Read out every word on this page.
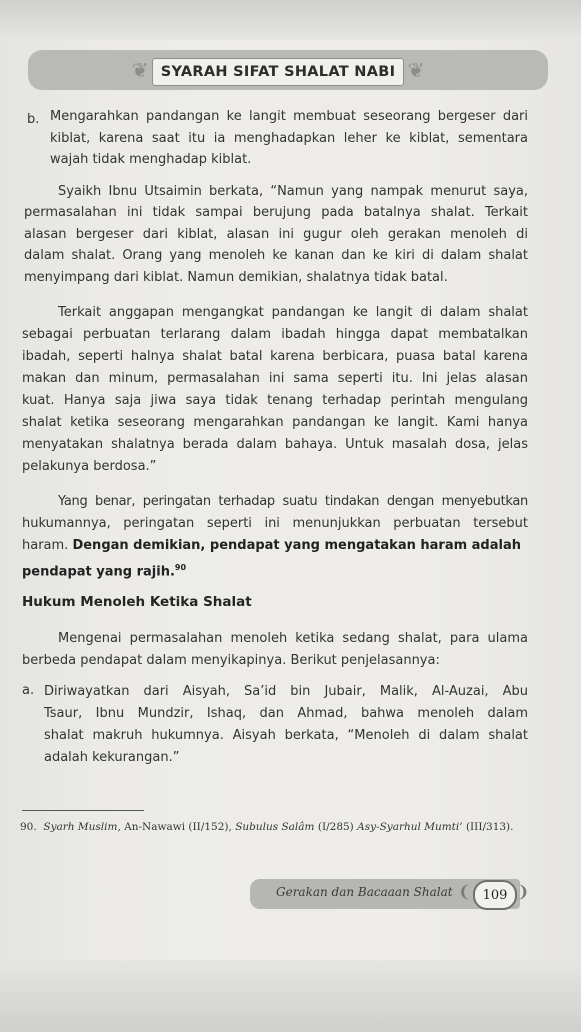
❦	❦
SYARAH SIFAT SHALAT NABI
b. Mengarahkan pandangan ke langit membuat seseorang bergeser dari

kiblat, karena saat itu ia menghadapkan leher ke kiblat, sementara

wajah tidak menghadap kiblat.

Syaikh Ibnu Utsaimin berkata, “Namun yang nampak menurut saya,

permasalahan ini tidak sampai berujung pada batalnya shalat. Terkait

alasan bergeser dari kiblat, alasan ini gugur oleh gerakan menoleh di

dalam shalat. Orang yang menoleh ke kanan dan ke kiri di dalam shalat

menyimpang dari kiblat. Namun demikian, shalatnya tidak batal.

Terkait anggapan mengangkat pandangan ke langit di dalam shalat

sebagai perbuatan terlarang dalam ibadah hingga dapat membatalkan

ibadah, seperti halnya shalat batal karena berbicara, puasa batal karena

makan dan minum, permasalahan ini sama seperti itu. Ini jelas alasan

kuat. Hanya saja jiwa saya tidak tenang terhadap perintah mengulang

shalat ketika seseorang mengarahkan pandangan ke langit. Kami hanya

menyatakan shalatnya berada dalam bahaya. Untuk masalah dosa, jelas

pelakunya berdosa.”

Yang benar, peringatan terhadap suatu tindakan dengan menyebutkan

hukumannya, peringatan seperti ini menunjukkan perbuatan tersebut

haram. Dengan demikian, pendapat yang mengatakan haram adalah

pendapat yang rajih.$^{90}$

Hukum Menoleh Ketika Shalat

Mengenai permasalahan menoleh ketika sedang shalat, para ulama

berbeda pendapat dalam menyikapinya. Berikut penjelasannya:

a. Diriwayatkan dari Aisyah, Sa’id bin Jubair, Malik, Al-Auzai, Abu

Tsaur, Ibnu Mundzir, Ishaq, dan Ahmad, bahwa menoleh dalam

shalat makruh hukumnya. Aisyah berkata, “Menoleh di dalam shalat

adalah kekurangan.”

90. Syarh Muslim, An-Nawawi (II/152), Subulus Salâm (I/285) Asy-Syarhul Mumti’ (III/313).
Gerakan dan Bacaaan Shalat ❨ 109 ❩
